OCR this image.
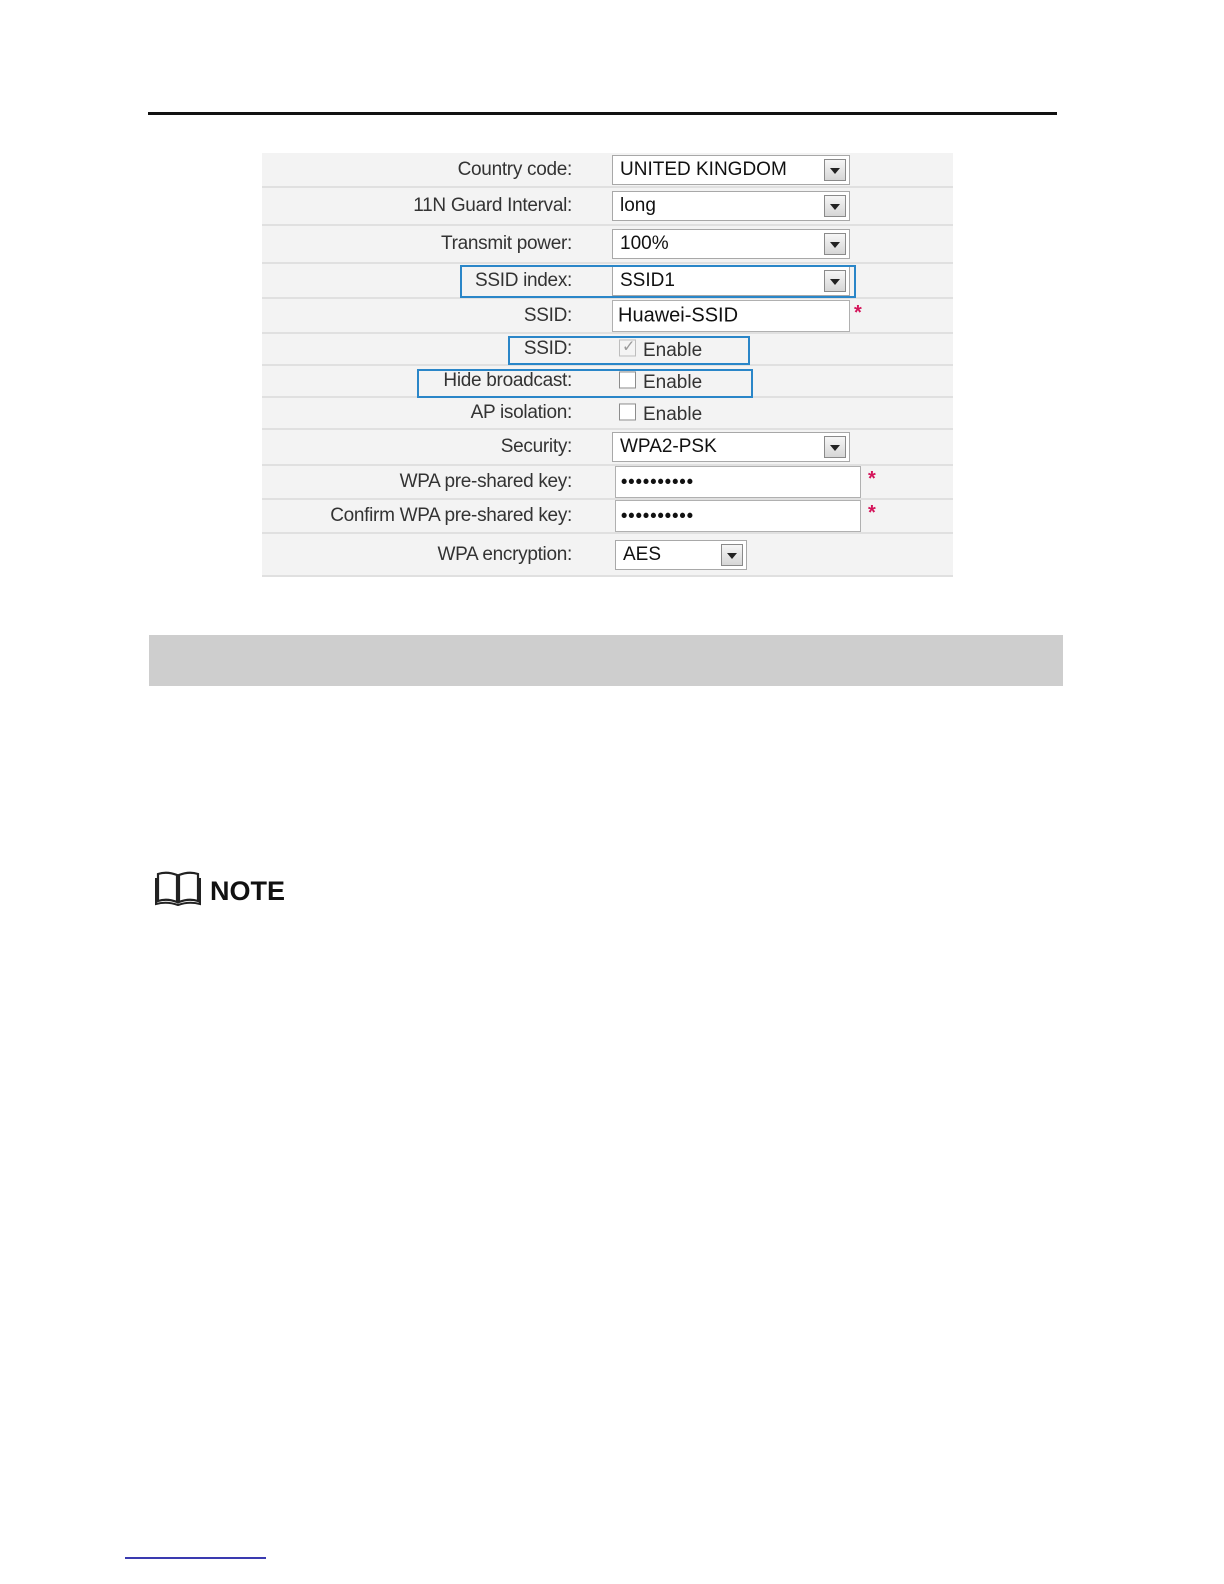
Country code:	UNITED KINGDOM
11N Guard Interval:	long
Transmit power:	100%
SSID index:	SSID1
SSID: Huawei-SSID	*
SSID:	✓ Enable
Hide broadcast:	Enable
AP isolation:	Enable
Security:	WPA2-PSK
WPA pre-shared key:	••••••••••	*
Confirm WPA pre-shared key:	••••••••••	*
WPA encryption:	AES
NOTE
